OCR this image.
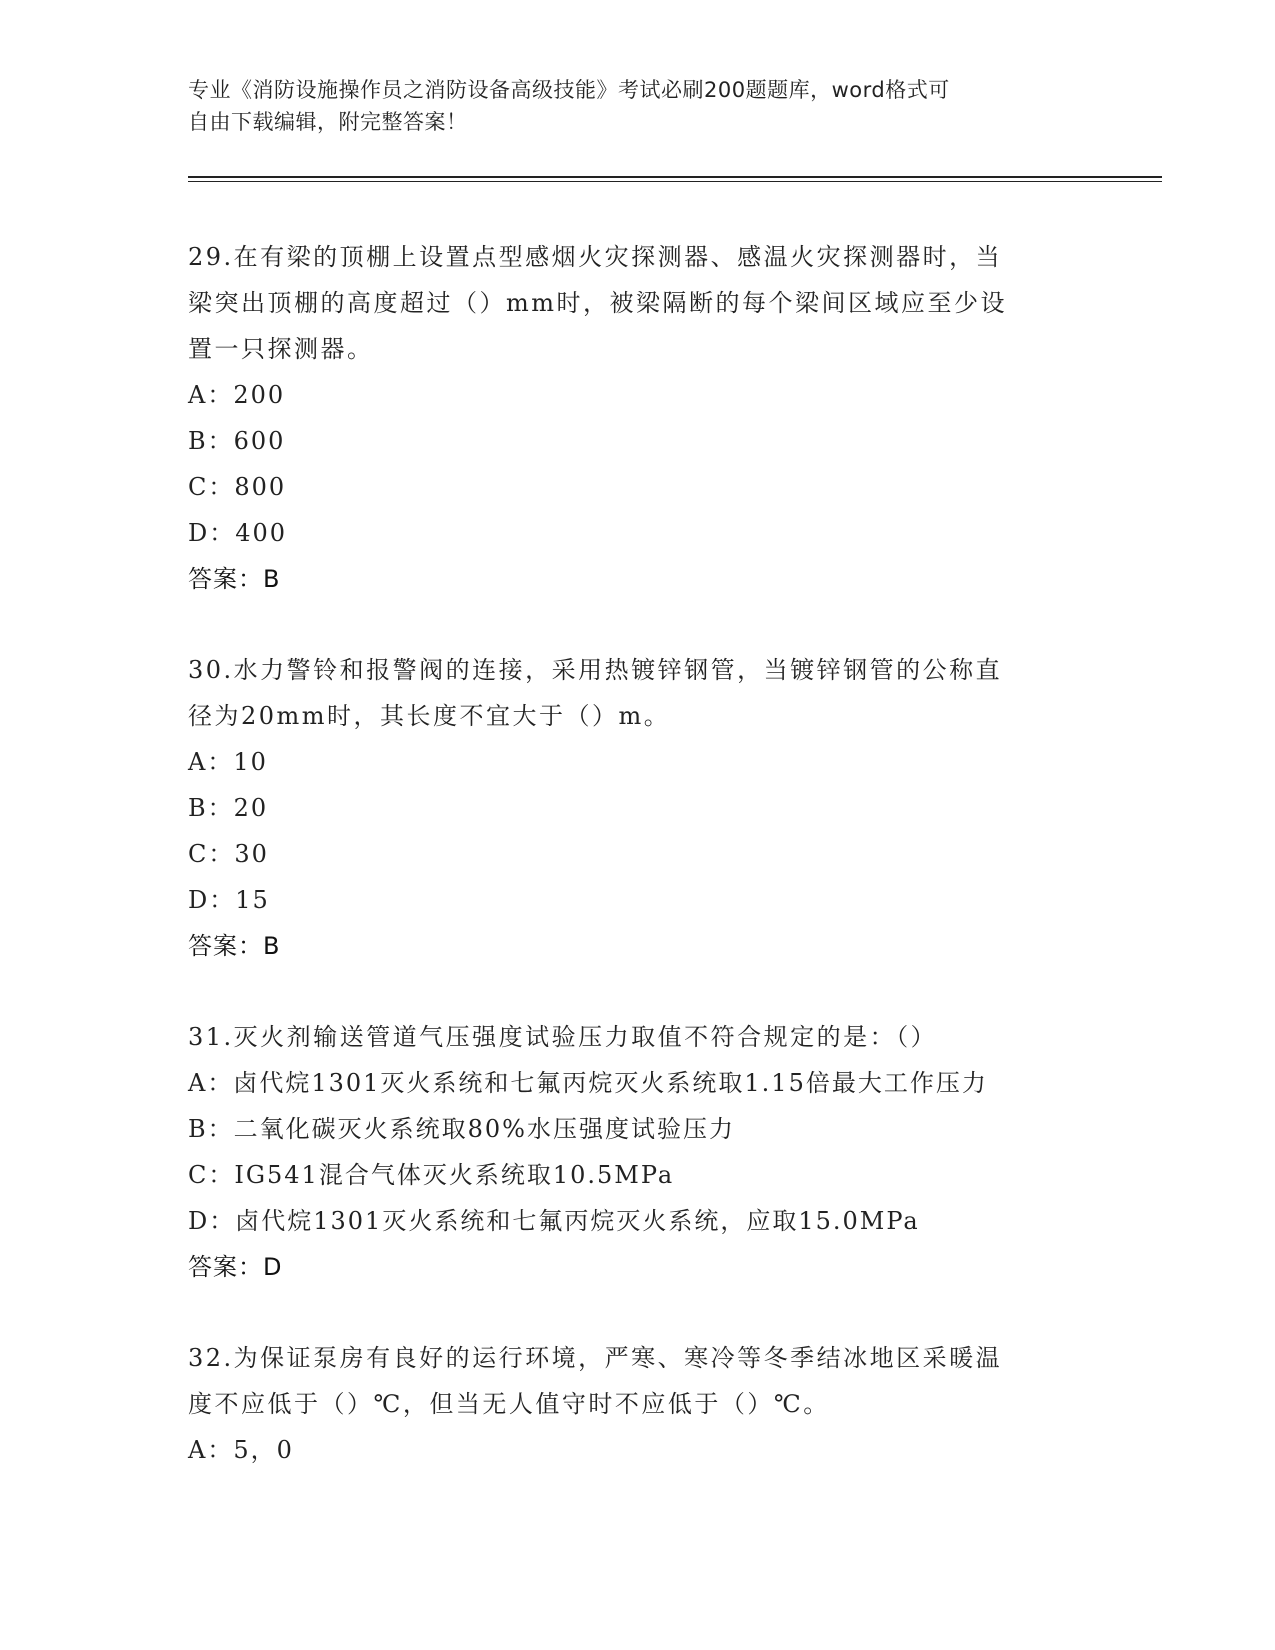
专业《消防设施操作员之消防设备高级技能》考试必刷200题题库，word格式可
自由下载编辑，附完整答案！

29.在有梁的顶棚上设置点型感烟火灾探测器、感温火灾探测器时，当

梁突出顶棚的高度超过（）mm时，被梁隔断的每个梁间区域应至少设

置一只探测器。

A：200

B：600

C：800

D：400

答案：B

30.水力警铃和报警阀的连接，采用热镀锌钢管，当镀锌钢管的公称直

径为20mm时，其长度不宜大于（）m。

A：10

B：20

C：30

D：15

答案：B

31.灭火剂输送管道气压强度试验压力取值不符合规定的是：（）

A：卤代烷1301灭火系统和七氟丙烷灭火系统取1.15倍最大工作压力

B：二氧化碳灭火系统取80%水压强度试验压力

C：IG541混合气体灭火系统取10.5MPa

D：卤代烷1301灭火系统和七氟丙烷灭火系统，应取15.0MPa

答案：D

32.为保证泵房有良好的运行环境，严寒、寒冷等冬季结冰地区采暖温

度不应低于（）℃，但当无人值守时不应低于（）℃。

A：5，0
